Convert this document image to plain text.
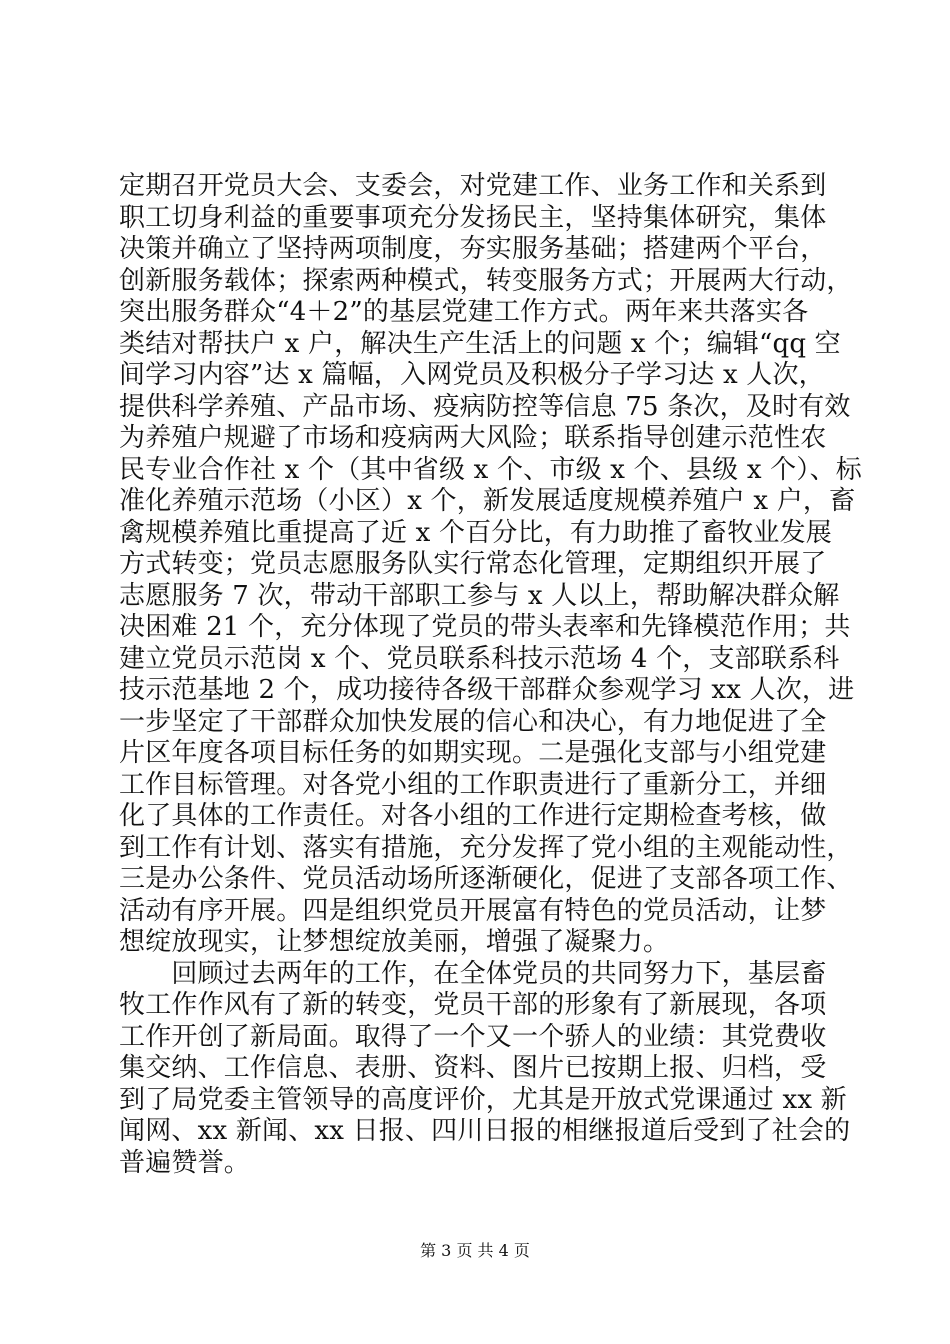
定期召开党员大会、支委会，对党建工作、业务工作和关系到
职工切身利益的重要事项充分发扬民主，坚持集体研究，集体
决策并确立了坚持两项制度，夯实服务基础；搭建两个平台，
创新服务载体；探索两种模式，转变服务方式；开展两大行动，
突出服务群众“4＋2”的基层党建工作方式。两年来共落实各
类结对帮扶户 x 户，解决生产生活上的问题 x 个；编辑“qq 空
间学习内容”达 x 篇幅，入网党员及积极分子学习达 x 人次，
提供科学养殖、产品市场、疫病防控等信息 75 条次，及时有效
为养殖户规避了市场和疫病两大风险；联系指导创建示范性农
民专业合作社 x 个（其中省级 x 个、市级 x 个、县级 x 个）、标
准化养殖示范场（小区）x 个，新发展适度规模养殖户 x 户，畜
禽规模养殖比重提高了近 x 个百分比，有力助推了畜牧业发展
方式转变；党员志愿服务队实行常态化管理，定期组织开展了
志愿服务 7 次，带动干部职工参与 x 人以上，帮助解决群众解
决困难 21 个，充分体现了党员的带头表率和先锋模范作用；共
建立党员示范岗 x 个、党员联系科技示范场 4 个，支部联系科
技示范基地 2 个，成功接待各级干部群众参观学习 xx 人次，进
一步坚定了干部群众加快发展的信心和决心，有力地促进了全
片区年度各项目标任务的如期实现。二是强化支部与小组党建
工作目标管理。对各党小组的工作职责进行了重新分工，并细
化了具体的工作责任。对各小组的工作进行定期检查考核，做
到工作有计划、落实有措施，充分发挥了党小组的主观能动性，
三是办公条件、党员活动场所逐渐硬化，促进了支部各项工作、
活动有序开展。四是组织党员开展富有特色的党员活动，让梦
想绽放现实，让梦想绽放美丽，增强了凝聚力。
　　回顾过去两年的工作，在全体党员的共同努力下，基层畜
牧工作作风有了新的转变，党员干部的形象有了新展现，各项
工作开创了新局面。取得了一个又一个骄人的业绩：其党费收
集交纳、工作信息、表册、资料、图片已按期上报、归档，受
到了局党委主管领导的高度评价，尤其是开放式党课通过 xx 新
闻网、xx 新闻、xx 日报、四川日报的相继报道后受到了社会的
普遍赞誉。
第 3 页 共 4 页
